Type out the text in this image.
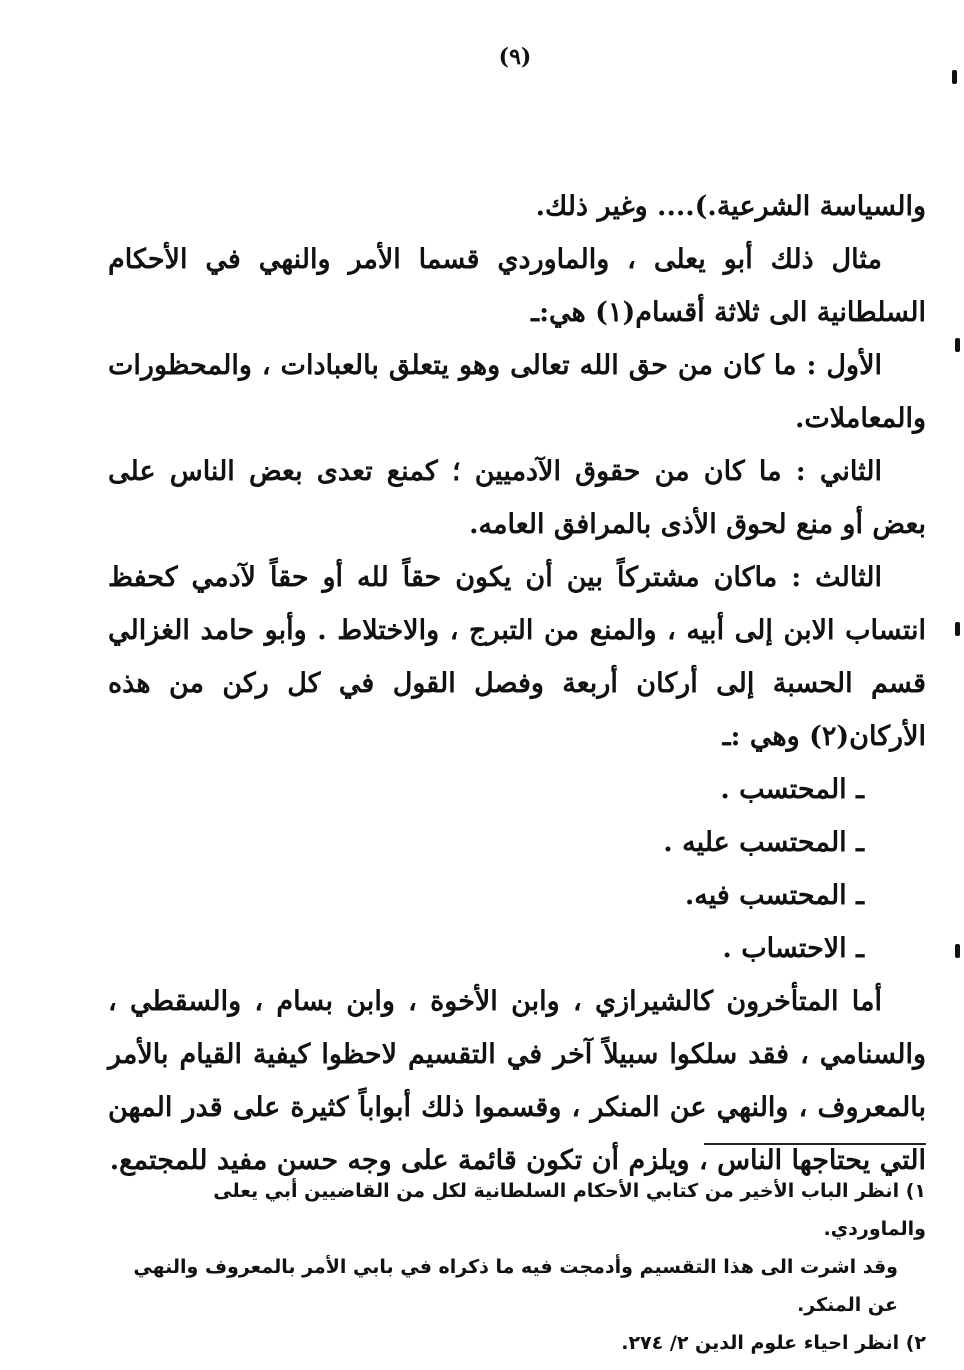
(٩)

والسياسة الشرعية.).... وغير ذلك.

مثال ذلك أبو يعلى ، والماوردي قسما الأمر والنهي في الأحكام السلطانية الى ثلاثة أقسام(١) هي:ـ

الأول : ما كان من حق الله تعالى وهو يتعلق بالعبادات ، والمحظورات والمعاملات.

الثاني : ما كان من حقوق الآدميين ؛ كمنع تعدى بعض الناس على بعض أو منع لحوق الأذى بالمرافق العامه.

الثالث : ماكان مشتركاً بين أن يكون حقاً لله أو حقاً لآدمي كحفظ انتساب الابن إلى أبيه ، والمنع من التبرج ، والاختلاط . وأبو حامد الغزالي قسم الحسبة إلى أركان أربعة وفصل القول في كل ركن من هذه الأركان(٢) وهي :ـ

ـ المحتسب .

ـ المحتسب عليه .

ـ المحتسب فيه.

ـ الاحتساب .

أما المتأخرون كالشيرازي ، وابن الأخوة ، وابن بسام ، والسقطي ، والسنامي ، فقد سلكوا سبيلاً آخر في التقسيم لاحظوا كيفية القيام بالأمر بالمعروف ، والنهي عن المنكر ، وقسموا ذلك أبواباً كثيرة على قدر المهن التي يحتاجها الناس ، ويلزم أن تكون قائمة على وجه حسن مفيد للمجتمع.

١) انظر الباب الأخير من كتابي الأحكام السلطانية لكل من القاضيين أبي يعلى والماوردي.

وقد اشرت الى هذا التقسيم وأدمجت فيه ما ذكراه في بابي الأمر بالمعروف والنهي عن المنكر.

٢) انظر احياء علوم الدين ٢/ ٢٧٤.
